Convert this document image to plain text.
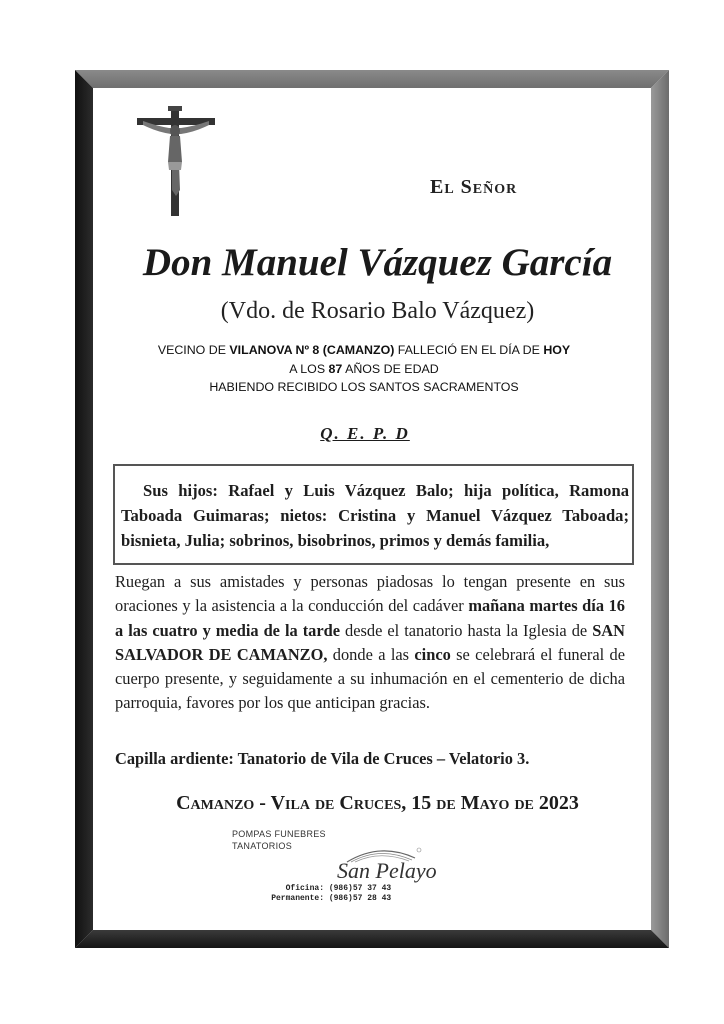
El Señor
Don Manuel Vázquez García
(Vdo. de Rosario Balo Vázquez)
VECINO DE VILANOVA Nº 8 (CAMANZO) FALLECIÓ EN EL DÍA DE HOY
A LOS 87 AÑOS DE EDAD
HABIENDO RECIBIDO LOS SANTOS SACRAMENTOS
Q. E. P. D
Sus hijos: Rafael y Luis Vázquez Balo; hija política, Ramona Taboada Guimaras; nietos: Cristina y Manuel Vázquez Taboada; bisnieta, Julia; sobrinos, bisobrinos, primos y demás familia,
Ruegan a sus amistades y personas piadosas lo tengan presente en sus oraciones y la asistencia a la conducción del cadáver mañana martes día 16 a las cuatro y media de la tarde desde el tanatorio hasta la Iglesia de SAN SALVADOR DE CAMANZO, donde a las cinco se celebrará el funeral de cuerpo presente, y seguidamente a su inhumación en el cementerio de dicha parroquia, favores por los que anticipan gracias.
Capilla ardiente: Tanatorio de Vila de Cruces – Velatorio 3.
Camanzo - Vila de Cruces, 15 de Mayo de 2023
POMPAS FUNEBRES
TANATORIOS
San Pelayo
Oficina: (986)57 37 43
Permanente: (986)57 28 43
